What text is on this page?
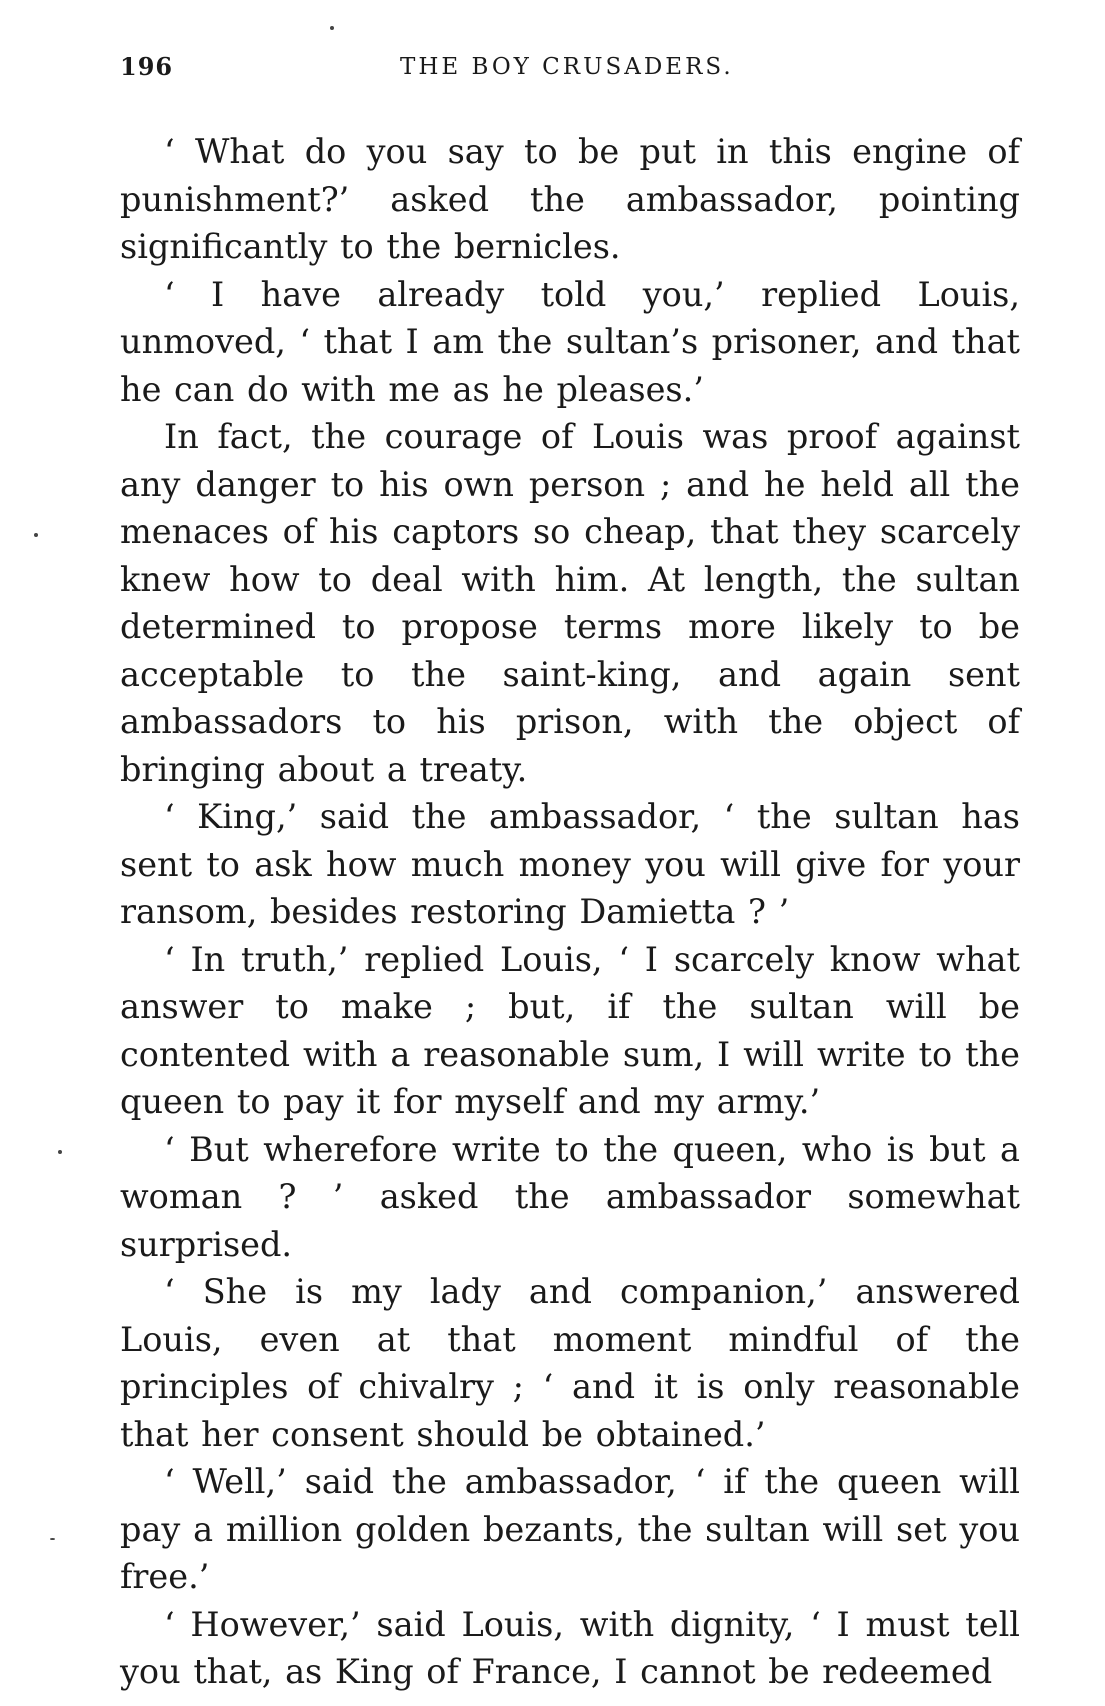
196	THE BOY CRUSADERS.

‘ What do you say to be put in this engine of punishment?’ asked the ambassador, pointing significantly to the bernicles.

‘ I have already told you,’ replied Louis, unmoved, ‘ that I am the sultan’s prisoner, and that he can do with me as he pleases.’

In fact, the courage of Louis was proof against any danger to his own person ; and he held all the menaces of his captors so cheap, that they scarcely knew how to deal with him. At length, the sultan determined to propose terms more likely to be acceptable to the saint-king, and again sent ambassadors to his prison, with the object of bringing about a treaty.

‘ King,’ said the ambassador, ‘ the sultan has sent to ask how much money you will give for your ransom, besides restoring Damietta ? ’

‘ In truth,’ replied Louis, ‘ I scarcely know what answer to make ; but, if the sultan will be contented with a reasonable sum, I will write to the queen to pay it for myself and my army.’

‘ But wherefore write to the queen, who is but a woman ? ’ asked the ambassador somewhat surprised.

‘ She is my lady and companion,’ answered Louis, even at that moment mindful of the principles of chivalry ; ‘ and it is only reasonable that her consent should be obtained.’

‘ Well,’ said the ambassador, ‘ if the queen will pay a million golden bezants, the sultan will set you free.’

‘ However,’ said Louis, with dignity, ‘ I must tell you that, as King of France, I cannot be redeemed
